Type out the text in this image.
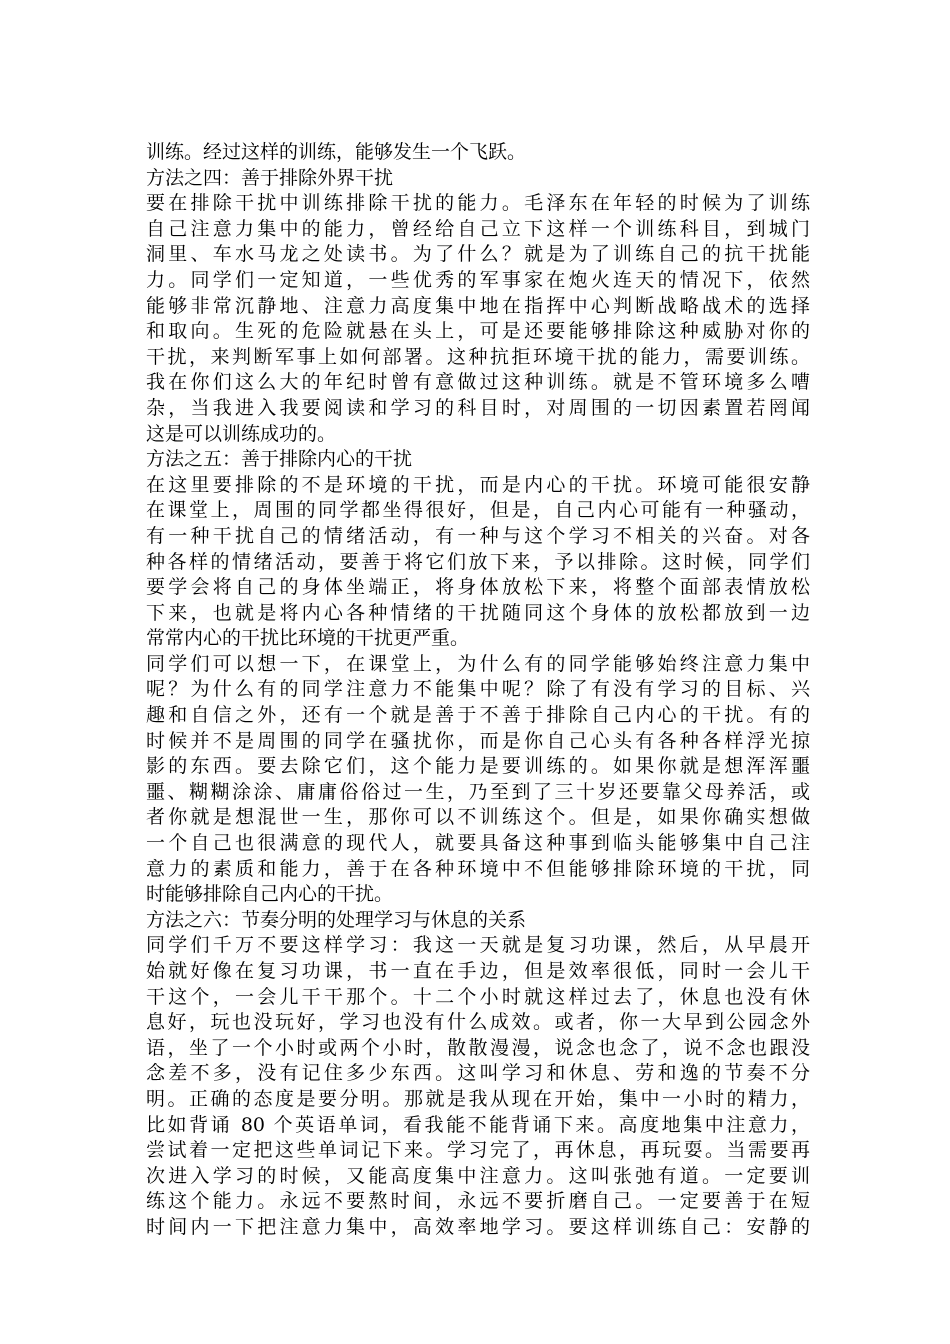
训练。经过这样的训练，能够发生一个飞跃。
方法之四：善于排除外界干扰
要在排除干扰中训练排除干扰的能力。毛泽东在年轻的时候为了训练
自己注意力集中的能力，曾经给自己立下这样一个训练科目，到城门
洞里、车水马龙之处读书。为了什么？就是为了训练自己的抗干扰能
力。同学们一定知道，一些优秀的军事家在炮火连天的情况下，依然
能够非常沉静地、注意力高度集中地在指挥中心判断战略战术的选择
和取向。生死的危险就悬在头上，可是还要能够排除这种威胁对你的
干扰，来判断军事上如何部署。这种抗拒环境干扰的能力，需要训练。
我在你们这么大的年纪时曾有意做过这种训练。就是不管环境多么嘈
杂，当我进入我要阅读和学习的科目时，对周围的一切因素置若罔闻
这是可以训练成功的。
方法之五：善于排除内心的干扰
在这里要排除的不是环境的干扰，而是内心的干扰。环境可能很安静
在课堂上，周围的同学都坐得很好，但是，自己内心可能有一种骚动，
有一种干扰自己的情绪活动，有一种与这个学习不相关的兴奋。对各
种各样的情绪活动，要善于将它们放下来，予以排除。这时候，同学们
要学会将自己的身体坐端正，将身体放松下来，将整个面部表情放松
下来，也就是将内心各种情绪的干扰随同这个身体的放松都放到一边
常常内心的干扰比环境的干扰更严重。
同学们可以想一下，在课堂上，为什么有的同学能够始终注意力集中
呢？为什么有的同学注意力不能集中呢？除了有没有学习的目标、兴
趣和自信之外，还有一个就是善于不善于排除自己内心的干扰。有的
时候并不是周围的同学在骚扰你，而是你自己心头有各种各样浮光掠
影的东西。要去除它们，这个能力是要训练的。如果你就是想浑浑噩
噩、糊糊涂涂、庸庸俗俗过一生，乃至到了三十岁还要靠父母养活，或
者你就是想混世一生，那你可以不训练这个。但是，如果你确实想做
一个自己也很满意的现代人，就要具备这种事到临头能够集中自己注
意力的素质和能力，善于在各种环境中不但能够排除环境的干扰，同
时能够排除自己内心的干扰。
方法之六：节奏分明的处理学习与休息的关系
同学们千万不要这样学习：我这一天就是复习功课，然后，从早晨开
始就好像在复习功课，书一直在手边，但是效率很低，同时一会儿干
干这个，一会儿干干那个。十二个小时就这样过去了，休息也没有休
息好，玩也没玩好，学习也没有什么成效。或者，你一大早到公园念外
语，坐了一个小时或两个小时，散散漫漫，说念也念了，说不念也跟没
念差不多，没有记住多少东西。这叫学习和休息、劳和逸的节奏不分
明。正确的态度是要分明。那就是我从现在开始，集中一小时的精力，
比如背诵 80 个英语单词，看我能不能背诵下来。高度地集中注意力，
尝试着一定把这些单词记下来。学习完了，再休息，再玩耍。当需要再
次进入学习的时候，又能高度集中注意力。这叫张弛有道。一定要训
练这个能力。永远不要熬时间，永远不要折磨自己。一定要善于在短
时间内一下把注意力集中，高效率地学习。要这样训练自己：安静的
